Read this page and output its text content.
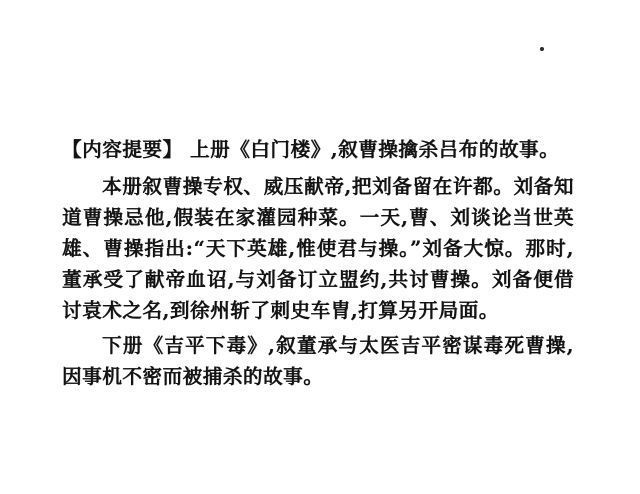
【内容提要】 上册《白门楼》,叙曹操擒杀吕布的故事。

本册叙曹操专权、威压献帝,把刘备留在许都。刘备知道曹操忌他,假装在家灌园种菜。一天,曹、刘谈论当世英雄、曹操指出:“天下英雄,惟使君与操。”刘备大惊。那时,董承受了献帝血诏,与刘备订立盟约,共讨曹操。刘备便借讨袁术之名,到徐州斩了刺史车胄,打算另开局面。

下册《吉平下毒》,叙董承与太医吉平密谋毒死曹操,因事机不密而被捕杀的故事。
